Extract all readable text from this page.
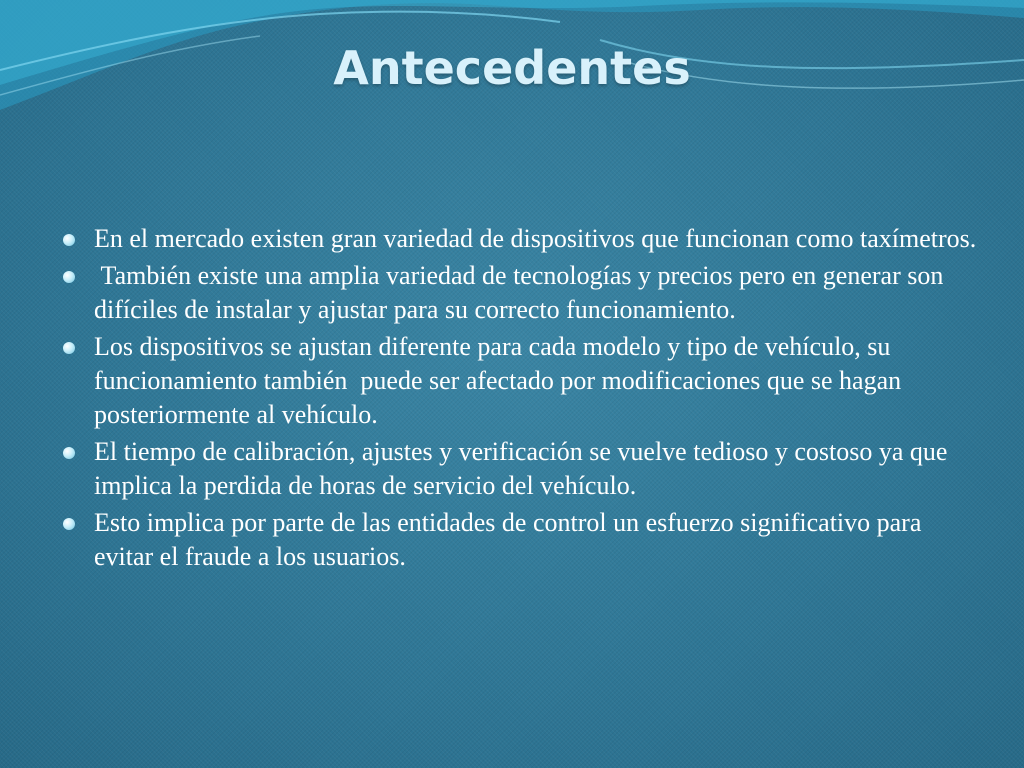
Antecedentes
En el mercado existen gran variedad de dispositivos que funcionan como taxímetros.
También existe una amplia variedad de tecnologías y precios pero en generar son difíciles de instalar y ajustar para su correcto funcionamiento.
Los dispositivos se ajustan diferente para cada modelo y tipo de vehículo, su funcionamiento también  puede ser afectado por modificaciones que se hagan posteriormente al vehículo.
El tiempo de calibración, ajustes y verificación se vuelve tedioso y costoso ya que implica la perdida de horas de servicio del vehículo.
Esto implica por parte de las entidades de control un esfuerzo significativo para evitar el fraude a los usuarios.
